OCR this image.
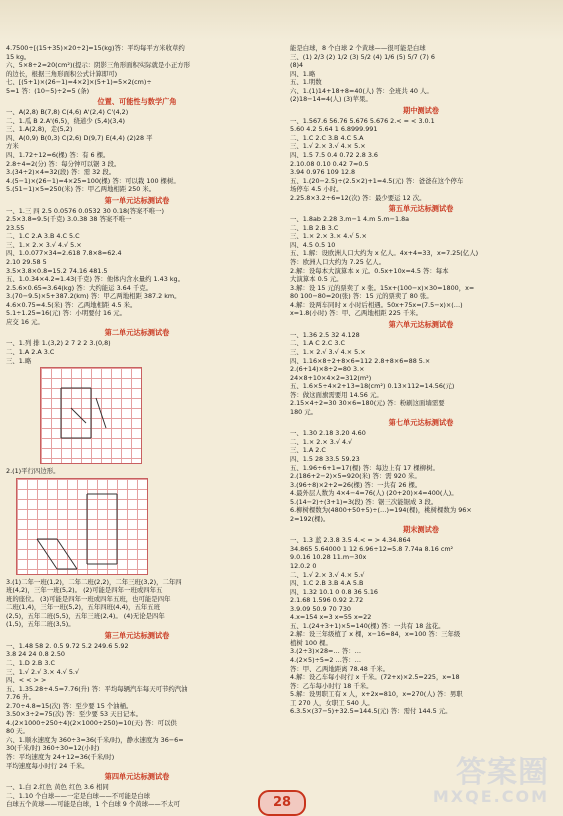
4.7500÷[(15+35)×20÷2]=15(kg)答：平均每平方米收草约
15 kg。
六、5×8÷2=20(cm²)(提示：阴影三角形面积实际就是小正方形
的边长，根据三角形面积公式计算即可)
七、[(5+1)×(26−1)=4×2]×(5+1)=5×2(cm)÷
5=1 答：(10−5)÷2=5 (条)
位置、可能性与数学广角
一、A(2,8) B(7,8) C(4,6) A'(2,4) C'(4,2)
二、1.瓜 B 2.A'(6,5)，绕道少 (5,4)(3,4)
三、1.A(2,8)，走(5,2)
四、A(0,9) B(0,3) C(2,6) D(9,7) E(4,4) (2)28 平
方米
四、1.72÷12=6(棵) 答：有 6 棵。
2.8÷4=2(分) 答：每分钟可以锯 3 段。
3.(34÷2)×4=32(段) 答：需 32 段。
4.(5−1)×(26−1)=4×25=100(棵) 答：可以栽 100 棵树。
5.(51−1)×5=250(米) 答：甲乙两地相距 250 米。
第一单元达标测试卷
一、1.三 四 2.5 0.0576 0.0532 30 0.18(答案不唯一)
2.5×3.8=9.5(千克) 3.0.38 38 答案不唯一
23.55
二、1.C 2.A 3.B 4.C 5.C
三、1.× 2.× 3.√ 4.√ 5.×
四、1.0.077×34=2.618 7.8×8=62.4
2.10 29.58 5
3.5×3.8×0.8=15.2 74.16 481.5
五、1.0.34×4.2≈1.43(千克) 答：他体内含水量约 1.43 kg。
2.5.6×0.65≈3.64(kg) 答：大约能运 3.64 千克。
3.(70−9.5)×5+387.2(km) 答：甲乙两地相距 387.2 km。
4.6×0.75=4.5(米) 答：乙两地相距 4.5 米。
5.1÷1.25=16(元) 答：小明要付 16 元。
应交 16 元。
第二单元达标测试卷
一、1.列 排 1.(3,2) 2 7 2 2 3.(0,8)
二、1.A 2.A 3.C
三、1.略
2.(1)平行四边形。
3.(1)二年一班(1,2)，二年二班(2,2)，二年三班(3,2)，二年四
班(4,2)，三年一班(5,2)。 (2)可能是四年一班或四年五
班的座位。 (3)可能是四年一班或四年五班，也可能是四年
二班(1,4)，三年一班(5,2)，五年四班(4,4)，五年五班
(2,5)，五年二班(5,5)，五年三班(2,4)。 (4)无论是四年
(1,5)，五年二班(3,5)。
第三单元达标测试卷
一、1.48 58 2. 0.5 9.72 5.2 249.6 5.92
3.8 24 24 0.8 2.50
二、1.D 2.B 3.C
三、1.√ 2.√ 3.× 4.√ 5.√
四、< < > >
五、1.35.28÷4.5=7.76(升) 答：平均每辆汽车每天可节约汽油
7.76 升。
2.70÷4.8≈15(次) 答：至少要 15 个油桶。
3.50×3÷2=75(次) 答：至少要 53 天日记本。
4.(2×1000÷250÷4)(2×1000÷250)=10(天) 答：可以供
80 天。
六、1.顺水速度为 360÷3=36(千米/时)，静水速度为 36−6=
30(千米/时) 360÷30=12(小时)
答：平均速度为 24+12=36(千米/时)
平均速度每小时行 24 千米。
第四单元达标测试卷
一、1.白 2.红色 黄色 红色 3.6 相同
二、1.10 个白球——一定是白球——不可能是白球
白球五个黄球——可能是白球，1 个白球 9 个黄球——不太可
能是白球，8 个白球 2 个黄球——很可能是白球
三、(1) 2/3 (2) 1/2 (3) 5/2 (4) 1/6 (5) 5/7 (7) 6
(8)4
四、1.略
五、1.明数
六、1.(1)14+18+8=40(人) 答：全班共 40 人。
(2)18−14=4(人) (3)苹果。
期中测试卷
一、1.567.6 56.76 5.676 5.676 2.< = < 3.0.1
5.60 4.2 5.64 1 6.8999.991
二、1.C 2.C 3.B 4.C 5.A
三、1.√ 2.× 3.√ 4.× 5.×
四、1.5 7.5 0.4 0.72 2.8 3.6
2.10.08 0.10 0.42 7≈0.5
3.94 0.976 109 12.8
五、1.(20−2.5)÷(2.5×2)+1=4.5(元) 答：爸爸在这个停车
场停车 4.5 小时。
2.25.8×3.2÷6=12(次) 答：最少要运 12 次。
第五单元达标测试卷
一、1.8ab 2.28 3.m−1 4.m 5.m−1.8a
二、1.B 2.B 3.C
三、1.× 2.× 3.× 4.√ 5.×
四、4.5 0.5 10
五、1.解：设欧洲人口大约为 x 亿人。4x+4=33，x=7.25(亿人)
答：欧洲人口大约为 7.25 亿人。
2.解：设每本大演算本 x 元。0.5x+10x=4.5 答：每本
大演算本 0.5 元。
3.解：设 15 元的票卖了 x 张。15x+(100−x)×30=1800，x=
80 100−80=20(张) 答：15 元的票卖了 80 张。
4.解：设两车同时 x 小时后相遇。50x+75x=(7.5−x)×(…)
x=1.8(小时) 答：甲、乙两地相距 225 千米。
第六单元达标测试卷
一、1.36 2.5 32 4.128
二、1.A C 2.C 3.C
三、1.× 2.√ 3.√ 4.× 5.×
四、1.16×8÷2+8×6=112 2.8+8×6=88 5.×
2.(6+14)×8÷2=80 3.×
24×8+10×4×2=312(m²)
五、1.6×5÷4×2+13=18(cm²) 0.13×112=14.56(元)
答：做这面旗需要用 14.56 元。
2.15×4÷2=30 30×6=180(元) 答：粉刷这面墙需要
180 元。
第七单元达标测试卷
一、1.30 2.18 3.20 4.60
二、1.× 2.× 3.√ 4.√
三、1.A 2.C
四、1.5 28 33.5 59.23
五、1.96÷6+1=17(棵) 答：每边上有 17 棵柳树。
2.(186+2−2)×5=920(米) 答：需 920 米。
3.(96÷8)×2+2=26(棵) 答：一共有 26 棵。
4.最外层人数为 4×4−4=76(人) (20+20)×4=400(人)。
5.(14−2)÷(3+1)=3(段) 答：锯三次能锯成 3 段。
6.柳树棵数为(4800+50+5)÷(…)=194(棵)，桃树棵数为 96×
2=192(棵)。
期末测试卷
一、1.3 蓝 2.3.8 3.5 4.< = > 4.34.864
34.865 5.64000 1 12 6.96÷12=5.8 7.74a 8.16 cm²
9.0.16 10.28 11.m−30x
12.0.2 0
二、1.√ 2.× 3.√ 4.× 5.√
四、1.C 2.B 3.B 4.A 5.B
四、1.32 10.1 0 0.8 36 5.16
2.1.68 1.596 0.92 2.72
3.9.09 50.9 70 730
4.x=154 x=3 x=55 x=22
五、1.(24+3+1)×5=140(棵) 答：一共有 18 盆花。
2.解：设三年级植了 x 棵，x−16=84，x=100 答：三年级
植树 100 棵。
3.(2÷3)×28=… 答：…
4.(2×5)÷5=2 …答：…
答：甲、乙两地距离 78.48 千米。
4.解：设乙车每小时行 x 千米。(72+x)×2.5=225，x=18
答：乙车每小时行 18 千米。
5.解：设男职工有 x 人，x+2x=810，x=270(人) 答：男职
工 270 人，女职工 540 人。
6.3.5×(37−5)+32.5=144.5(元) 答：需付 144.5 元。
28
答案圈
MXQE.COM
